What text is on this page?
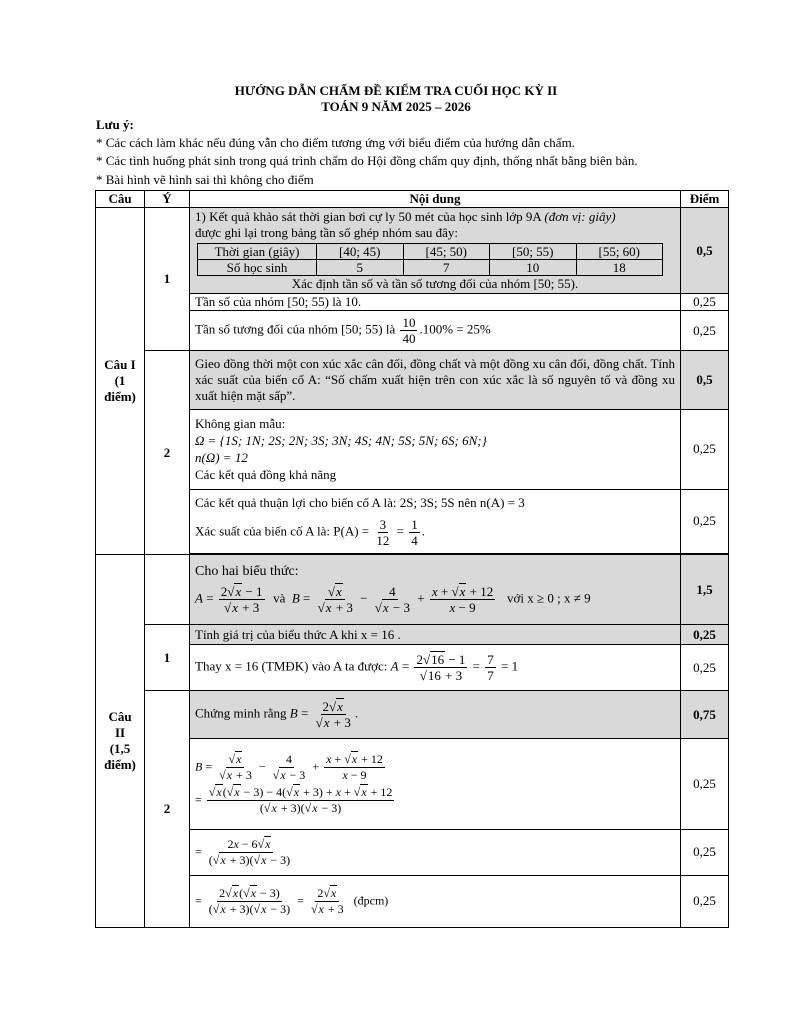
HƯỚNG DẪN CHẤM ĐỀ KIỂM TRA CUỐI HỌC KỲ II
TOÁN 9 NĂM 2025 – 2026
Lưu ý:
* Các cách làm khác nếu đúng vẫn cho điểm tương ứng với biểu điểm của hướng dẫn chấm.
* Các tình huống phát sinh trong quá trình chấm do Hội đồng chấm quy định, thống nhất bằng biên bản.
* Bài hình vẽ hình sai thì không cho điểm
Câu	Ý	Nội dung	Điểm

Câu I
(1
điểm)
	1	
1) Kết quả khảo sát thời gian bơi cự ly 50 mét của học sinh lớp 9A (đơn vị: giây)
được ghi lại trong bảng tần số ghép nhóm sau đây:
Thời gian (giây)	[40; 45)	[45; 50)	[50; 55)	[55; 60)
Số học sinh	5	7	10	18
Xác định tần số và tần số tương đối của nhóm [50; 55).
	0,5
Tần số của nhóm [50; 55) là 10.	0,25
Tần số tương đối của nhóm [50; 55) là $\frac{10}{40} .100\% = 25\%$	0,25
2	Gieo đồng thời một con xúc xắc cân đối, đồng chất và một đồng xu cân đối, đồng chất. Tính xác suất của biến cố A: “Số chấm xuất hiện trên con xúc xắc là số nguyên tố và đồng xu xuất hiện mặt sấp”.	0,5

Không gian mẫu:
Ω = {1S; 1N; 2S; 2N; 3S; 3N; 4S; 4N; 5S; 5N; 6S; 6N;}
n(Ω) = 12
Các kết quả đồng khả năng
	0,25

Các kết quả thuận lợi cho biến cố A là: 2S; 3S; 5S nên n(A) = 3
Xác suất của biến cố A là: $P(A) = \frac{3}{12} = \frac{1}{4}$ .
	0,25

Câu
II
(1,5
điểm)

Cho hai biểu thức:
$A = \frac{2√x - 1}{√x + 3}$ và  $B = \frac{√x}{√x + 3} - \frac{4}{√x - 3} + \frac{x + √x + 12}{x - 9}$ với x ≥ 0 ; x ≠ 9
	1,5
1	Tính giá trị của biểu thức A khi x = 16 .	0,25
Thay x = 16 (TMĐK) vào A ta được: $A = \frac{2√16 - 1}{√16 + 3} = \frac{7}{7} = 1$	0,25
2	Chứng minh rằng $B = \frac{2√x}{√x + 3}$ .	0,75

$B = \frac{√x}{√x + 3} - \frac{4}{√x - 3} + \frac{x + √x + 12}{x - 9}$
= $\frac{√x(√x - 3) - 4(√x + 3) + x + √x + 12}{(√x + 3)(√x - 3)}$
	0,25
= $\frac{2x - 6√x}{(√x + 3)(√x - 3)}$	0,25
= $\frac{2√x(√x - 3)}{(√x + 3)(√x - 3)} = \frac{2√x}{√x + 3}$ (đpcm)	0,25
